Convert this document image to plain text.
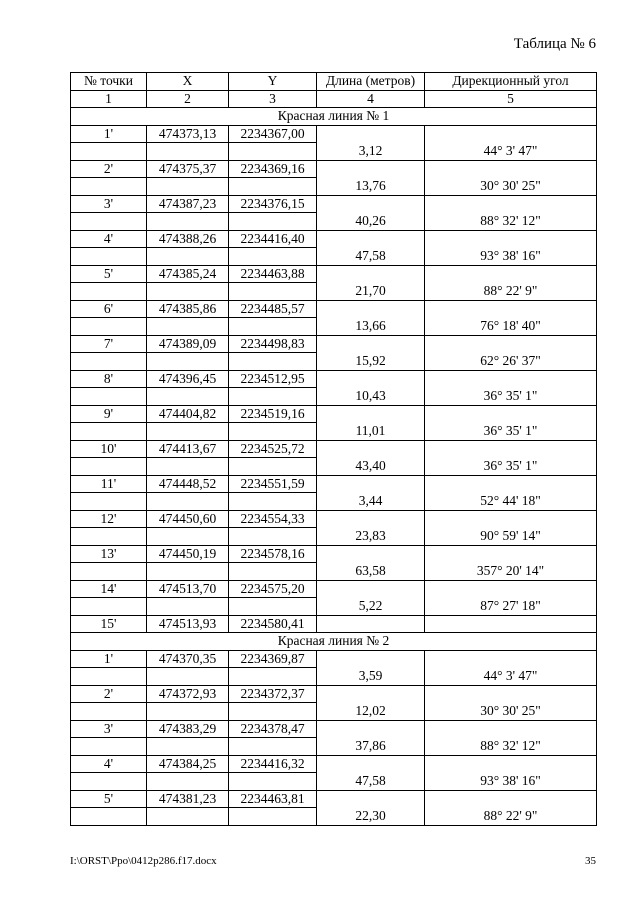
Таблица № 6
№ точки	X	Y	Длина (метров)	Дирекционный угол
1	2	3	4	5
Красная линия № 1				
1'	474373,13	2234367,00		
			3,12	44° 3' 47"
2'	474375,37	2234369,16		
			13,76	30° 30' 25"
3'	474387,23	2234376,15		
			40,26	88° 32' 12"
4'	474388,26	2234416,40		
			47,58	93° 38' 16"
5'	474385,24	2234463,88		
			21,70	88° 22' 9"
6'	474385,86	2234485,57		
			13,66	76° 18' 40"
7'	474389,09	2234498,83		
			15,92	62° 26' 37"
8'	474396,45	2234512,95		
			10,43	36° 35' 1"
9'	474404,82	2234519,16		
			11,01	36° 35' 1"
10'	474413,67	2234525,72		
			43,40	36° 35' 1"
11'	474448,52	2234551,59		
			3,44	52° 44' 18"
12'	474450,60	2234554,33		
			23,83	90° 59' 14"
13'	474450,19	2234578,16		
			63,58	357° 20' 14"
14'	474513,70	2234575,20		
			5,22	87° 27' 18"
15'	474513,93	2234580,41		
Красная линия № 2				
1'	474370,35	2234369,87		
			3,59	44° 3' 47"
2'	474372,93	2234372,37		
			12,02	30° 30' 25"
3'	474383,29	2234378,47		
			37,86	88° 32' 12"
4'	474384,25	2234416,32		
			47,58	93° 38' 16"
5'	474381,23	2234463,81		
			22,30	88° 22' 9"
I:\ORST\Ppo\0412p286.f17.docx	35
